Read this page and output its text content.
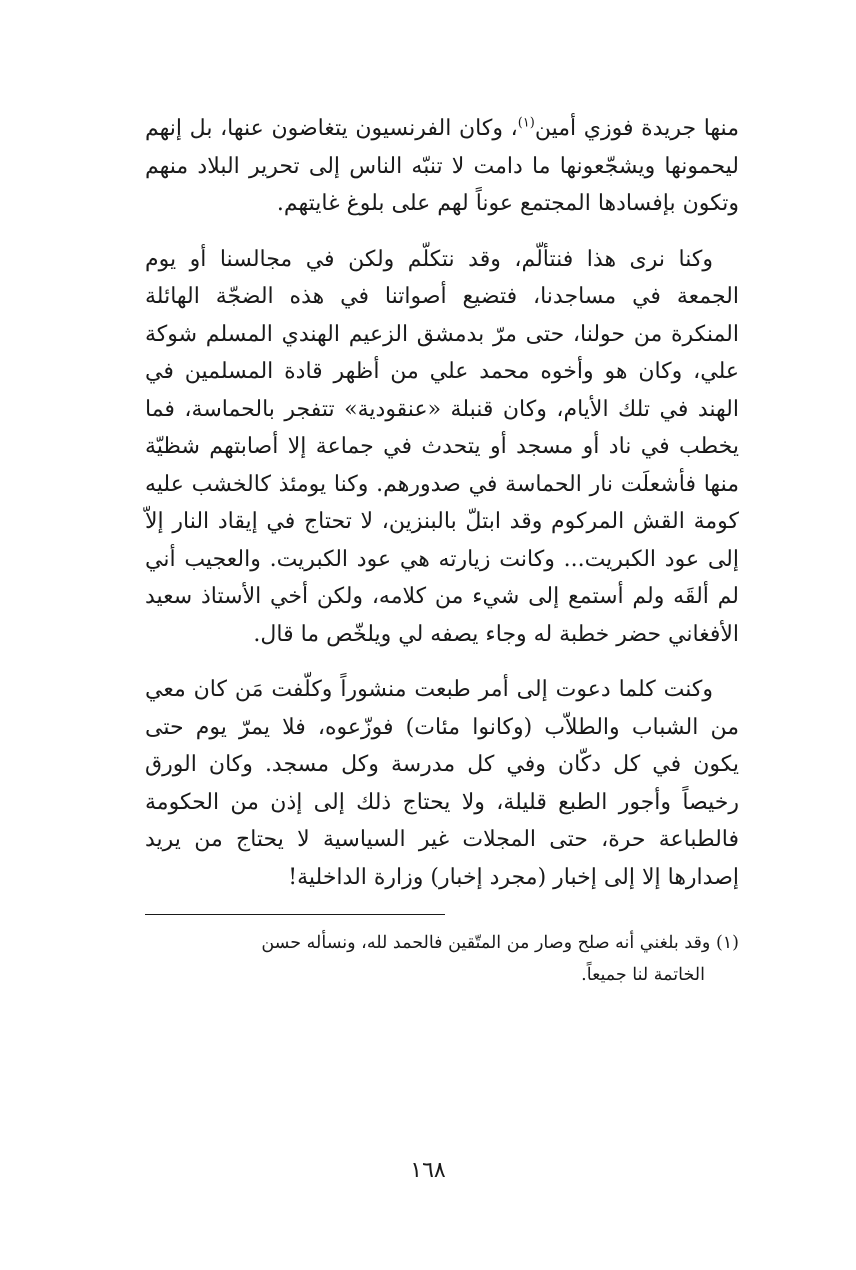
منها جريدة فوزي أمين$^{(١)}$، وكان الفرنسيون يتغاضون عنها، بل إنهم ليحمونها ويشجّعونها ما دامت لا تنبّه الناس إلى تحرير البلاد منهم وتكون بإفسادها المجتمع عوناً لهم على بلوغ غايتهم.

وكنا نرى هذا فنتألّم، وقد نتكلّم ولكن في مجالسنا أو يوم الجمعة في مساجدنا، فتضيع أصواتنا في هذه الضجّة الهائلة المنكرة من حولنا، حتى مرّ بدمشق الزعيم الهندي المسلم شوكة علي، وكان هو وأخوه محمد علي من أظهر قادة المسلمين في الهند في تلك الأيام، وكان قنبلة «عنقودية» تتفجر بالحماسة، فما يخطب في ناد أو مسجد أو يتحدث في جماعة إلا أصابتهم شظيّة منها فأشعلَت نار الحماسة في صدورهم. وكنا يومئذ كالخشب عليه كومة القش المركوم وقد ابتلّ بالبنزين، لا تحتاج في إيقاد النار إلاّ إلى عود الكبريت... وكانت زيارته هي عود الكبريت. والعجيب أني لم ألقَه ولم أستمع إلى شيء من كلامه، ولكن أخي الأستاذ سعيد الأفغاني حضر خطبة له وجاء يصفه لي ويلخّص ما قال.

وكنت كلما دعوت إلى أمر طبعت منشوراً وكلّفت مَن كان معي من الشباب والطلاّب (وكانوا مئات) فوزّعوه، فلا يمرّ يوم حتى يكون في كل دكّان وفي كل مدرسة وكل مسجد. وكان الورق رخيصاً وأجور الطبع قليلة، ولا يحتاج ذلك إلى إذن من الحكومة فالطباعة حرة، حتى المجلات غير السياسية لا يحتاج من يريد إصدارها إلا إلى إخبار (مجرد إخبار) وزارة الداخلية!

(١) وقد بلغني أنه صلح وصار من المتّقين فالحمد لله، ونسأله حسن
الخاتمة لنا جميعاً.

١٦٨
